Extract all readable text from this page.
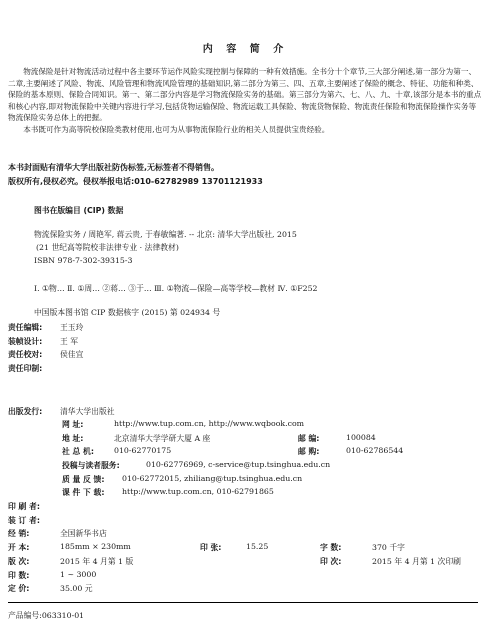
内 容 简 介

物流保险是针对物流活动过程中各主要环节运作风险实现控制与保障的一种有效措施。全书分十个章节,三大部分阐述,第一部分为第一、二章,主要阐述了风险、物流、风险管理和物流风险管理的基础知识,第二部分为第三、四、五章,主要阐述了保险的概念、特征、功能和种类、保险的基本原则、保险合同知识。第一、第二部分内容是学习物流保险实务的基础。第三部分为第六、七、八、九、十章,该部分是本书的重点和核心内容,即对物流保险中关键内容进行学习,包括货物运输保险、物流运载工具保险、物流货物保险、物流责任保险和物流保险操作实务等物流保险实务总体上的把握。

本书既可作为高等院校保险类教材使用,也可为从事物流保险行业的相关人员提供宝贵经验。

本书封面贴有清华大学出版社防伪标签,无标签者不得销售。
版权所有,侵权必究。侵权举报电话:010-62782989 13701121933
图书在版编目 (CIP) 数据
物流保险实务 / 周艳军, 蒋云贵, 于春敏编著. -- 北京: 清华大学出版社, 2015
(21 世纪高等院校非法律专业 · 法律教材)
ISBN 978-7-302-39315-3
Ⅰ. ①物… Ⅱ. ①周… ②蒋… ③于… Ⅲ. ①物流—保险—高等学校—教材 Ⅳ. ①F252
中国版本图书馆 CIP 数据核字 (2015) 第 024934 号
责任编辑: 王玉玲
装帧设计: 王 军
责任校对: 侯佳宜
责任印制:
出版发行: 清华大学出版社
网 址:	http://www.tup.com.cn, http://www.wqbook.com
地 址:	北京清华大学学研大厦 A 座	邮 编:	100084
社 总 机:	010-62770175	邮 购:	010-62786544
投稿与读者服务:	010-62776969, c-service@tup.tsinghua.edu.cn
质 量 反 馈: 010-62772015, zhiliang@tup.tsinghua.edu.cn
课 件 下 载: http://www.tup.com.cn, 010-62791865
印 刷 者:
装 订 者:
经 销:	全国新华书店
开 本:	185mm × 230mm	印 张:	15.25	字 数:	370 千字
版 次:	2015 年 4 月第 1 版	印 次:	2015 年 4 月第 1 次印刷
印 数:	1 ~ 3000
定 价:	35.00 元
产品编号:063310-01
